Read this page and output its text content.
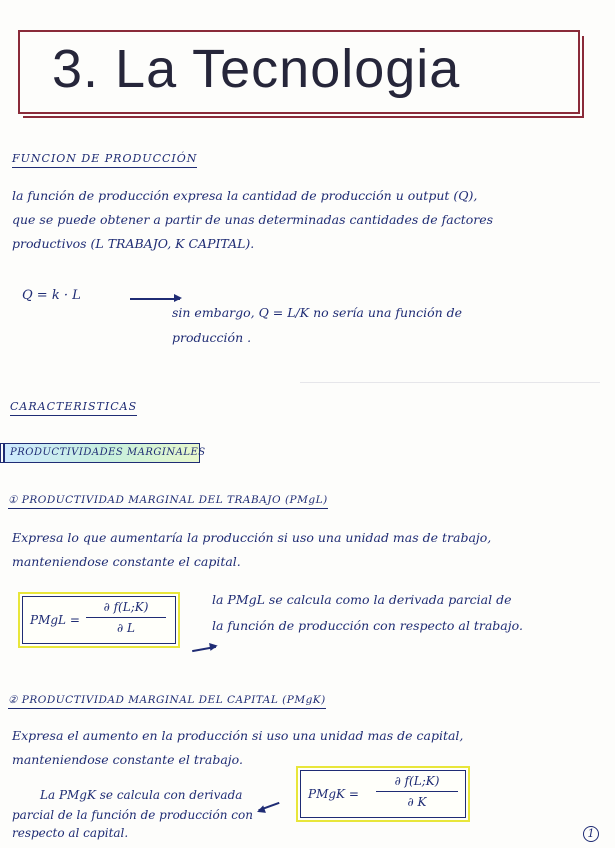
3. La Tecnologia
FUNCION DE PRODUCCIÓN
la función de producción expresa la cantidad de producción u output (Q),
que se puede obtener a partir de unas determinadas cantidades de factores
productivos (L TRABAJO, K CAPITAL).
Q = k · L
sin embargo, Q = L/K no sería una función de
producción .
CARACTERISTICAS
PRODUCTIVIDADES MARGINALES
① PRODUCTIVIDAD MARGINAL DEL TRABAJO (PMgL)
Expresa lo que aumentaría la producción si uso una unidad mas de trabajo,
manteniendose constante el capital.
PMgL =
∂ f(L;K)
∂ L
la PMgL se calcula como la derivada parcial de
la función de producción con respecto al trabajo.
② PRODUCTIVIDAD MARGINAL DEL CAPITAL (PMgK)
Expresa el aumento en la producción si uso una unidad mas de capital,
manteniendose constante el trabajo.
La PMgK se calcula con derivada
parcial de la función de producción con
respecto al capital.
PMgK =
∂ f(L;K)
∂ K
1
